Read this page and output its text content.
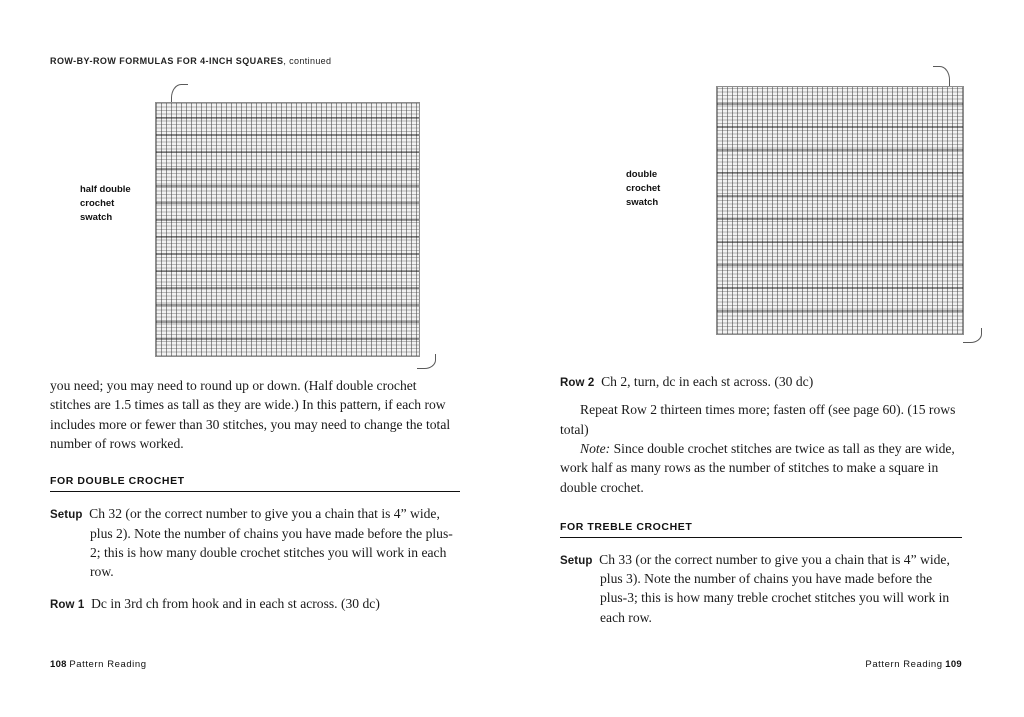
ROW-BY-ROW FORMULAS FOR 4-INCH SQUARES, continued
half double
crochet
swatch

you need; you may need to round up or down. (Half double crochet stitches are 1.5 times as tall as they are wide.) In this pattern, if each row includes more or fewer than 30 stitches, you may need to change the total number of rows worked.

FOR DOUBLE CROCHET

Setup Ch 32 (or the correct number to give you a chain that is 4” wide, plus 2). Note the number of chains you have made before the plus-2; this is how many double crochet stitches you will work in each row.

Row 1 Dc in 3rd ch from hook and in each st across. (30 dc)

108 Pattern Reading
double
crochet
swatch

Row 2 Ch 2, turn, dc in each st across. (30 dc)

Repeat Row 2 thirteen times more; fasten off (see page 60). (15 rows total)

Note: Since double crochet stitches are twice as tall as they are wide, work half as many rows as the number of stitches to make a square in double crochet.

FOR TREBLE CROCHET

Setup Ch 33 (or the correct number to give you a chain that is 4” wide, plus 3). Note the number of chains you have made before the plus-3; this is how many treble crochet stitches you will work in each row.

Pattern Reading 109
